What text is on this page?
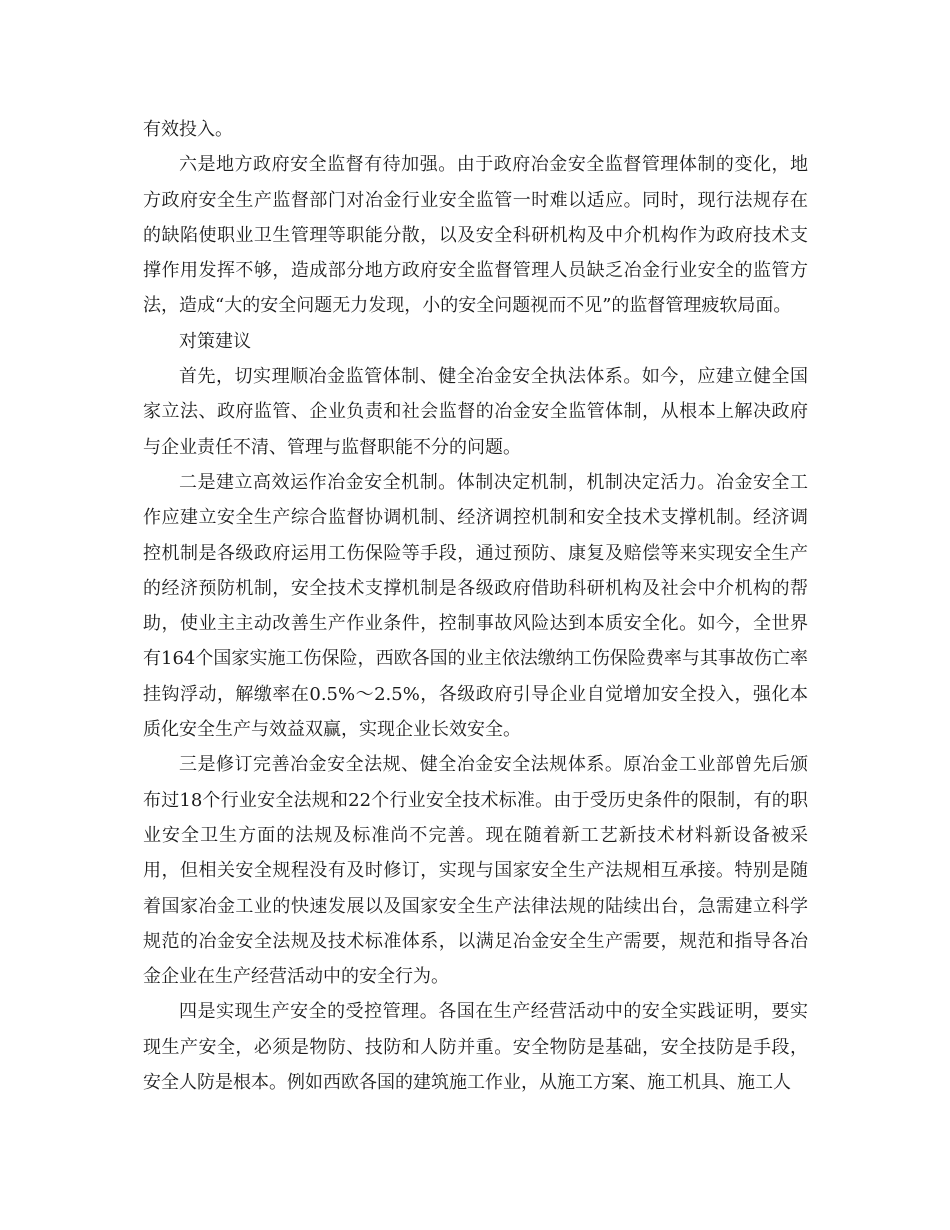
有效投入。

六是地方政府安全监督有待加强。由于政府冶金安全监督管理体制的变化，地方政府安全生产监督部门对冶金行业安全监管一时难以适应。同时，现行法规存在的缺陷使职业卫生管理等职能分散，以及安全科研机构及中介机构作为政府技术支撑作用发挥不够，造成部分地方政府安全监督管理人员缺乏冶金行业安全的监管方法，造成“大的安全问题无力发现，小的安全问题视而不见”的监督管理疲软局面。

对策建议

首先，切实理顺冶金监管体制、健全冶金安全执法体系。如今，应建立健全国家立法、政府监管、企业负责和社会监督的冶金安全监管体制，从根本上解决政府与企业责任不清、管理与监督职能不分的问题。

二是建立高效运作冶金安全机制。体制决定机制，机制决定活力。冶金安全工作应建立安全生产综合监督协调机制、经济调控机制和安全技术支撑机制。经济调控机制是各级政府运用工伤保险等手段，通过预防、康复及赔偿等来实现安全生产的经济预防机制，安全技术支撑机制是各级政府借助科研机构及社会中介机构的帮助，使业主主动改善生产作业条件，控制事故风险达到本质安全化。如今，全世界有164个国家实施工伤保险，西欧各国的业主依法缴纳工伤保险费率与其事故伤亡率挂钩浮动，解缴率在0.5%～2.5%，各级政府引导企业自觉增加安全投入，强化本质化安全生产与效益双赢，实现企业长效安全。

三是修订完善冶金安全法规、健全冶金安全法规体系。原冶金工业部曾先后颁布过18个行业安全法规和22个行业安全技术标准。由于受历史条件的限制，有的职业安全卫生方面的法规及标准尚不完善。现在随着新工艺新技术材料新设备被采用，但相关安全规程没有及时修订，实现与国家安全生产法规相互承接。特别是随着国家冶金工业的快速发展以及国家安全生产法律法规的陆续出台，急需建立科学规范的冶金安全法规及技术标准体系，以满足冶金安全生产需要，规范和指导各冶金企业在生产经营活动中的安全行为。

四是实现生产安全的受控管理。各国在生产经营活动中的安全实践证明，要实现生产安全，必须是物防、技防和人防并重。安全物防是基础，安全技防是手段，安全人防是根本。例如西欧各国的建筑施工作业，从施工方案、施工机具、施工人
